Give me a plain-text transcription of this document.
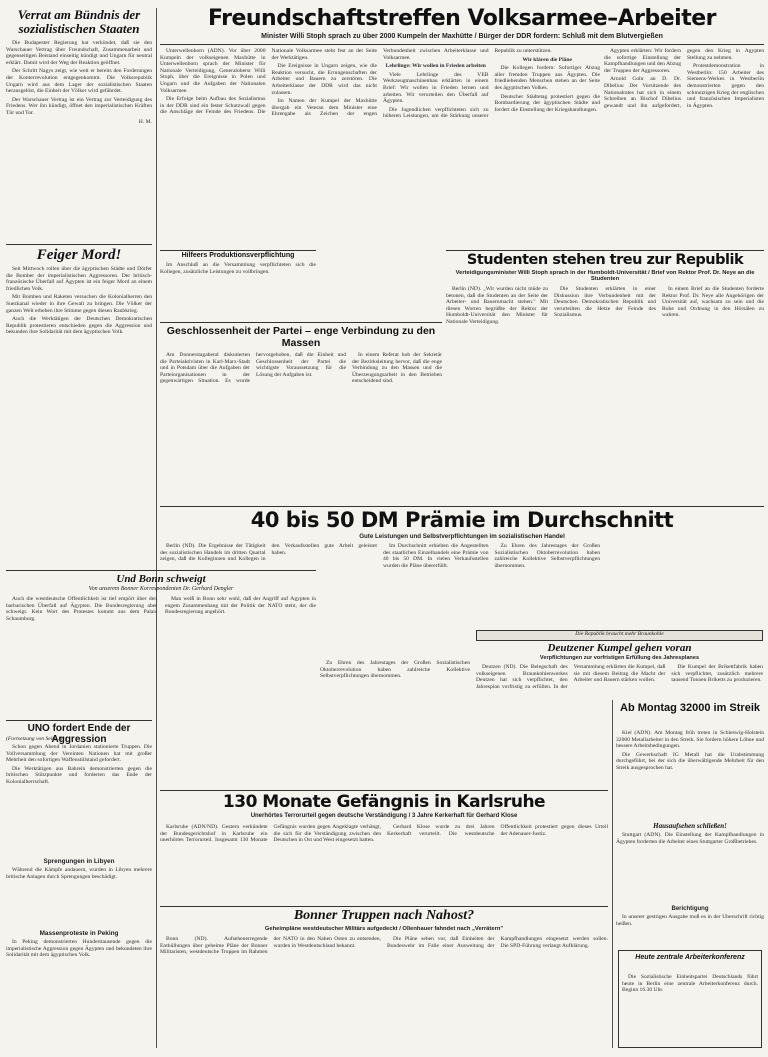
Verrat am Bündnis der sozialistischen Staaten

Die Budapester Regierung hat verkündet, daß sie den Warschauer Vertrag über Freundschaft, Zusammenarbeit und gegenseitigen Beistand einseitig kündigt und Ungarn für neutral erklärt. Damit wird der Weg der Reaktion geöffnet.

Der Schritt Nagys zeigt, wie weit er bereits den Forderungen der Konterrevolution entgegenkommt. Die Volksrepublik Ungarn wird aus dem Lager der sozialistischen Staaten herausgelöst, die Einheit der Völker wird gefährdet.

Der Warschauer Vertrag ist ein Vertrag zur Verteidigung des Friedens. Wer ihn kündigt, öffnet den imperialistischen Kräften Tür und Tor.

H. M.

Feiger Mord!

Seit Mittwoch rollen über die ägyptischen Städte und Dörfer die Bomber der imperialistischen Aggressoren. Der britisch-französische Überfall auf Ägypten ist ein feiger Mord an einem friedlichen Volk.

Mit Bomben und Raketen versuchen die Kolonialherren den Suezkanal wieder in ihre Gewalt zu bringen. Die Völker der ganzen Welt erheben ihre Stimme gegen diesen Raubkrieg.

Auch die Werktätigen der Deutschen Demokratischen Republik protestieren entschieden gegen die Aggression und bekunden ihre Solidarität mit dem ägyptischen Volk.

Und Bonn schweigt
Von unserem Bonner Korrespondenten Dr. Gerhard Dengler

Auch die westdeutsche Öffentlichkeit ist tief empört über den barbarischen Überfall auf Ägypten. Die Bundesregierung aber schweigt. Kein Wort des Protestes kommt aus dem Palais Schaumburg.

Man weiß in Bonn sehr wohl, daß der Angriff auf Ägypten in engem Zusammenhang mit der Politik der NATO steht, der die Bundesregierung angehört.

UNO fordert Ende der Aggression
(Fortsetzung von Seite 1)

Schon gegen Abend in Jordanien stationierte Truppen. Die Vollversammlung der Vereinten Nationen hat mit großer Mehrheit den sofortigen Waffenstillstand gefordert.

Die Werktätigen aus Bahrein demonstrierten gegen die britischen Stützpunkte und forderten das Ende der Kolonialherrschaft.

Sprengungen in Libyen

Während die Kämpfe andauern, wurden in Libyen mehrere britische Anlagen durch Sprengungen beschädigt.

Massenproteste in Peking

In Peking demonstrierten Hunderttausende gegen die imperialistische Aggression gegen Ägypten und bekundeten ihre Solidarität mit dem ägyptischen Volk.

Freundschaftstreffen Volksarmee–Arbeiter
Minister Willi Stoph sprach zu über 2000 Kumpeln der Maxhütte / Bürger der DDR fordern: Schluß mit dem Blutvergießen

Unterwellenborn (ADN). Vor über 2000 Kumpeln der volkseigenen Maxhütte in Unterwellenborn sprach der Minister für Nationale Verteidigung, Generaloberst Willi Stoph, über die Ereignisse in Polen und Ungarn und die Aufgaben der Nationalen Volksarmee.

Die Erfolge beim Aufbau des Sozialismus in der DDR sind ein fester Schutzwall gegen die Anschläge der Feinde des Friedens. Die Nationale Volksarmee steht fest an der Seite der Werktätigen.

Die Ereignisse in Ungarn zeigen, wie die Reaktion versucht, die Errungenschaften der Arbeiter und Bauern zu zerstören. Die Arbeiterklasse der DDR wird das nicht zulassen.

Im Namen der Kumpel der Maxhütte übergab ein Veteran dem Minister eine Ehrengabe als Zeichen der engen Verbundenheit zwischen Arbeiterklasse und Volksarmee.

Lehrlinge: Wir wollen in Frieden arbeiten

Viele Lehrlinge des VEB Werkzeugmaschinenbau erklärten in einem Brief: Wir wollen in Frieden lernen und arbeiten. Wir verurteilen den Überfall auf Ägypten.

Die Jugendlichen verpflichteten sich zu höheren Leistungen, um die Stärkung unserer Republik zu unterstützen.

Wir klären die Pläne

Die Kollegen fordern: Sofortiger Abzug aller fremden Truppen aus Ägypten. Die friedliebenden Menschen stehen an der Seite des ägyptischen Volkes.

Deutscher Städtetag protestiert gegen die Bombardierung der ägyptischen Städte und fordert die Einstellung der Kriegshandlungen.

Ägypten erklärten: Wir fordern die sofortige Einstellung der Kampfhandlungen und den Abzug der Truppen der Aggressoren.

Arnold Gohr an D. Dr. Dibelius: Der Vorsitzende des Nationalrates hat sich in einem Schreiben an Bischof Dibelius gewandt und ihn aufgefordert, gegen den Krieg in Ägypten Stellung zu nehmen.

Protestdemonstration in Westberlin: 150 Arbeiter des Siemens-Werkes in Westberlin demonstrierten gegen den schmutzigen Krieg der englischen und französischen Imperialisten in Ägypten.

Hilfeers Produktionsverpflichtung

Im Anschluß an die Versammlung verpflichteten sich die Kollegen, zusätzliche Leistungen zu vollbringen.

Geschlossenheit der Partei – enge Verbindung zu den Massen

Am Donnerstagabend diskutierten die Parteiaktivisten in Karl-Marx-Stadt und in Potsdam über die Aufgaben der Parteiorganisationen in der gegenwärtigen Situation. Es wurde hervorgehoben, daß die Einheit und Geschlossenheit der Partei die wichtigste Voraussetzung für die Lösung der Aufgaben ist.

In einem Referat hob der Sekretär der Bezirksleitung hervor, daß die enge Verbindung zu den Massen und die Überzeugungsarbeit in den Betrieben entscheidend sind.

Studenten stehen treu zur Republik
Verteidigungsminister Willi Stoph sprach in der Humboldt-Universität / Brief von Rektor Prof. Dr. Neye an die Studenten

Berlin (ND). „Wir wurden nicht müde zu betonen, daß die Studenten an der Seite der Arbeiter- und Bauernmacht stehen." Mit diesen Worten begrüßte der Rektor der Humboldt-Universität den Minister für Nationale Verteidigung.

Die Studenten erklärten in einer Diskussion ihre Verbundenheit mit der Deutschen Demokratischen Republik und verurteilten die Hetze der Feinde des Sozialismus.

In einem Brief an die Studenten forderte Rektor Prof. Dr. Neye alle Angehörigen der Universität auf, wachsam zu sein und die Ruhe und Ordnung in den Hörsälen zu wahren.

40 bis 50 DM Prämie im Durchschnitt
Gute Leistungen und Selbstverpflichtungen im sozialistischen Handel

Berlin (ND). Die Ergebnisse der Tätigkeit des sozialistischen Handels im dritten Quartal zeigen, daß die Kolleginnen und Kollegen in den Verkaufsstellen gute Arbeit geleistet haben.

Im Durchschnitt erhielten die Angestellten des staatlichen Einzelhandels eine Prämie von 40 bis 50 DM. In vielen Verkaufsstellen wurden die Pläne übererfüllt.

Zu Ehren des Jahrestages der Großen Sozialistischen Oktoberrevolution haben zahlreiche Kollektive Selbstverpflichtungen übernommen.

Die Republik braucht mehr Braunkohle
Deutzener Kumpel gehen voran
Verpflichtungen zur vorfristigen Erfüllung des Jahresplanes

Deutzen (ND). Die Belegschaft des volkseigenen Braunkohlenwerkes Deutzen hat sich verpflichtet, den Jahresplan vorfristig zu erfüllen. In der Versammlung erklärten die Kumpel, daß sie mit diesem Beitrag die Macht der Arbeiter und Bauern stärken wollen.

Die Kumpel der Brikettfabrik haben sich verpflichtet, zusätzlich mehrere tausend Tonnen Briketts zu produzieren.

Zu Ehren des Jahrestages der Großen Sozialistischen Oktoberrevolution haben zahlreiche Kollektive Selbstverpflichtungen übernommen.

130 Monate Gefängnis in Karlsruhe
Unerhörtes Terrorurteil gegen deutsche Verständigung / 3 Jahre Kerkerhaft für Gerhard Klose

Karlsruhe (ADN/ND). Gestern verkündete der Bundesgerichtshof in Karlsruhe ein unerhörtes Terrorurteil. Insgesamt 130 Monate Gefängnis wurden gegen Angeklagte verhängt, die sich für die Verständigung zwischen den Deutschen in Ost und West eingesetzt hatten.

Gerhard Klose wurde zu drei Jahren Kerkerhaft verurteilt. Die westdeutsche Öffentlichkeit protestiert gegen dieses Urteil der Adenauer-Justiz.

Bonner Truppen nach Nahost?
Geheimpläne westdeutscher Militärs aufgedeckt / Ollenhauer fahndet nach „Verrätern"

Bonn (ND). Aufsehenerregende Enthüllungen über geheime Pläne der Bonner Militaristen, westdeutsche Truppen im Rahmen der NATO in den Nahen Osten zu entsenden, wurden in Westdeutschland bekannt.

Die Pläne sehen vor, daß Einheiten der Bundeswehr im Falle einer Ausweitung der Kampfhandlungen eingesetzt werden sollen. Die SPD-Führung verlangt Aufklärung.

Ab Montag 32000 im Streik

Kiel (ADN). Am Montag früh treten in Schleswig-Holstein 32000 Metallarbeiter in den Streik. Sie fordern höhere Löhne und bessere Arbeitsbedingungen.

Die Gewerkschaft IG Metall hat die Urabstimmung durchgeführt, bei der sich die überwältigende Mehrheit für den Streik ausgesprochen hat.

Hausaufsehen schließen!

Stuttgart (ADN). Die Einstellung der Kampfhandlungen in Ägypten forderten die Arbeiter eines Stuttgarter Großbetriebes.

Berichtigung

In unserer gestrigen Ausgabe muß es in der Überschrift richtig heißen.

Heute zentrale Arbeiterkonferenz

Die Sozialistische Einheitspartei Deutschlands führt heute in Berlin eine zentrale Arbeiterkonferenz durch. Beginn 16.30 Uhr.
